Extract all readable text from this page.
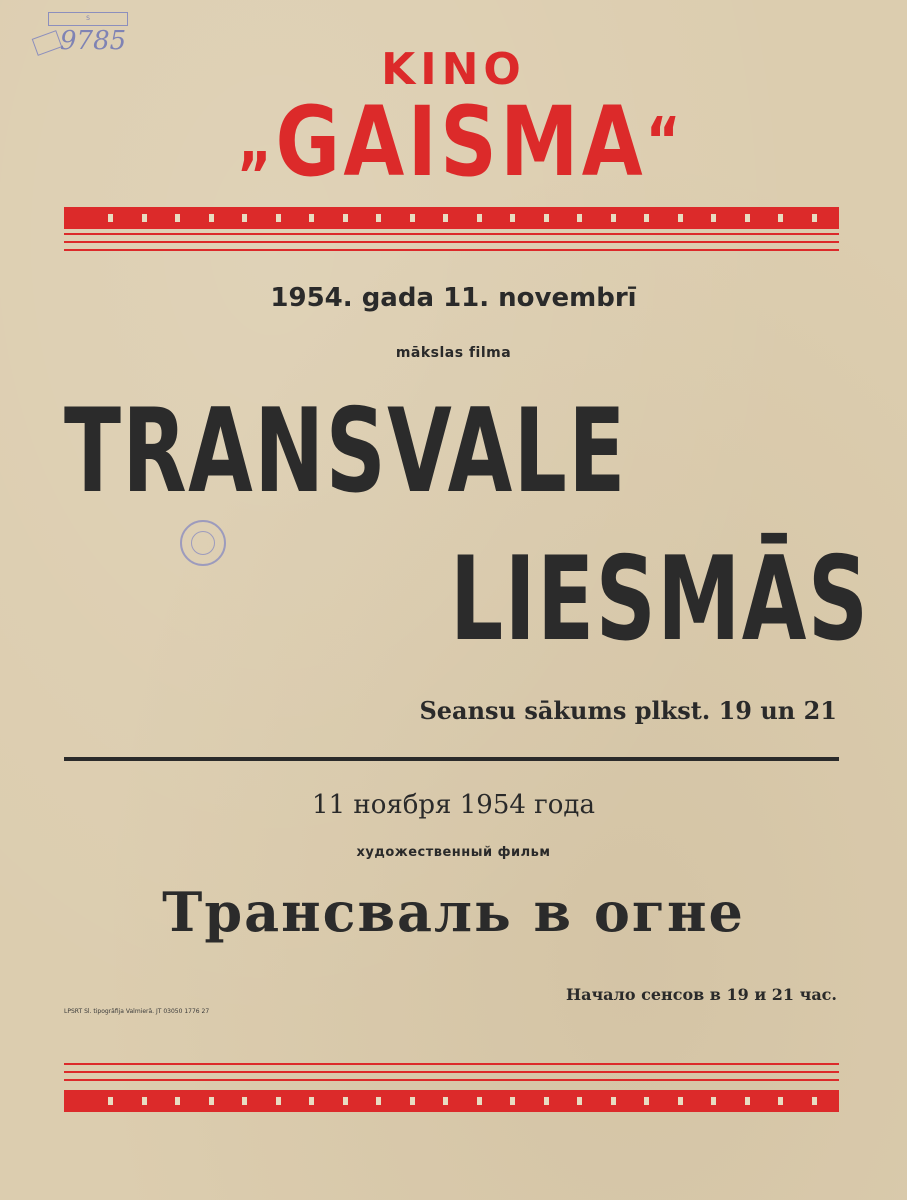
S
9785
KINO
„GAISMA“
1954. gada 11. novembrī
mākslas filma
TRANSVALE
LIESMĀS
Seansu sākums plkst. 19 un 21
11 ноября 1954 года
художественный фильм
Трансваль в огне
Начало сенсов в 19 и 21 час.
LPSRT Sl. tipogrāfija Valmierā. JT 03050 1776 27
